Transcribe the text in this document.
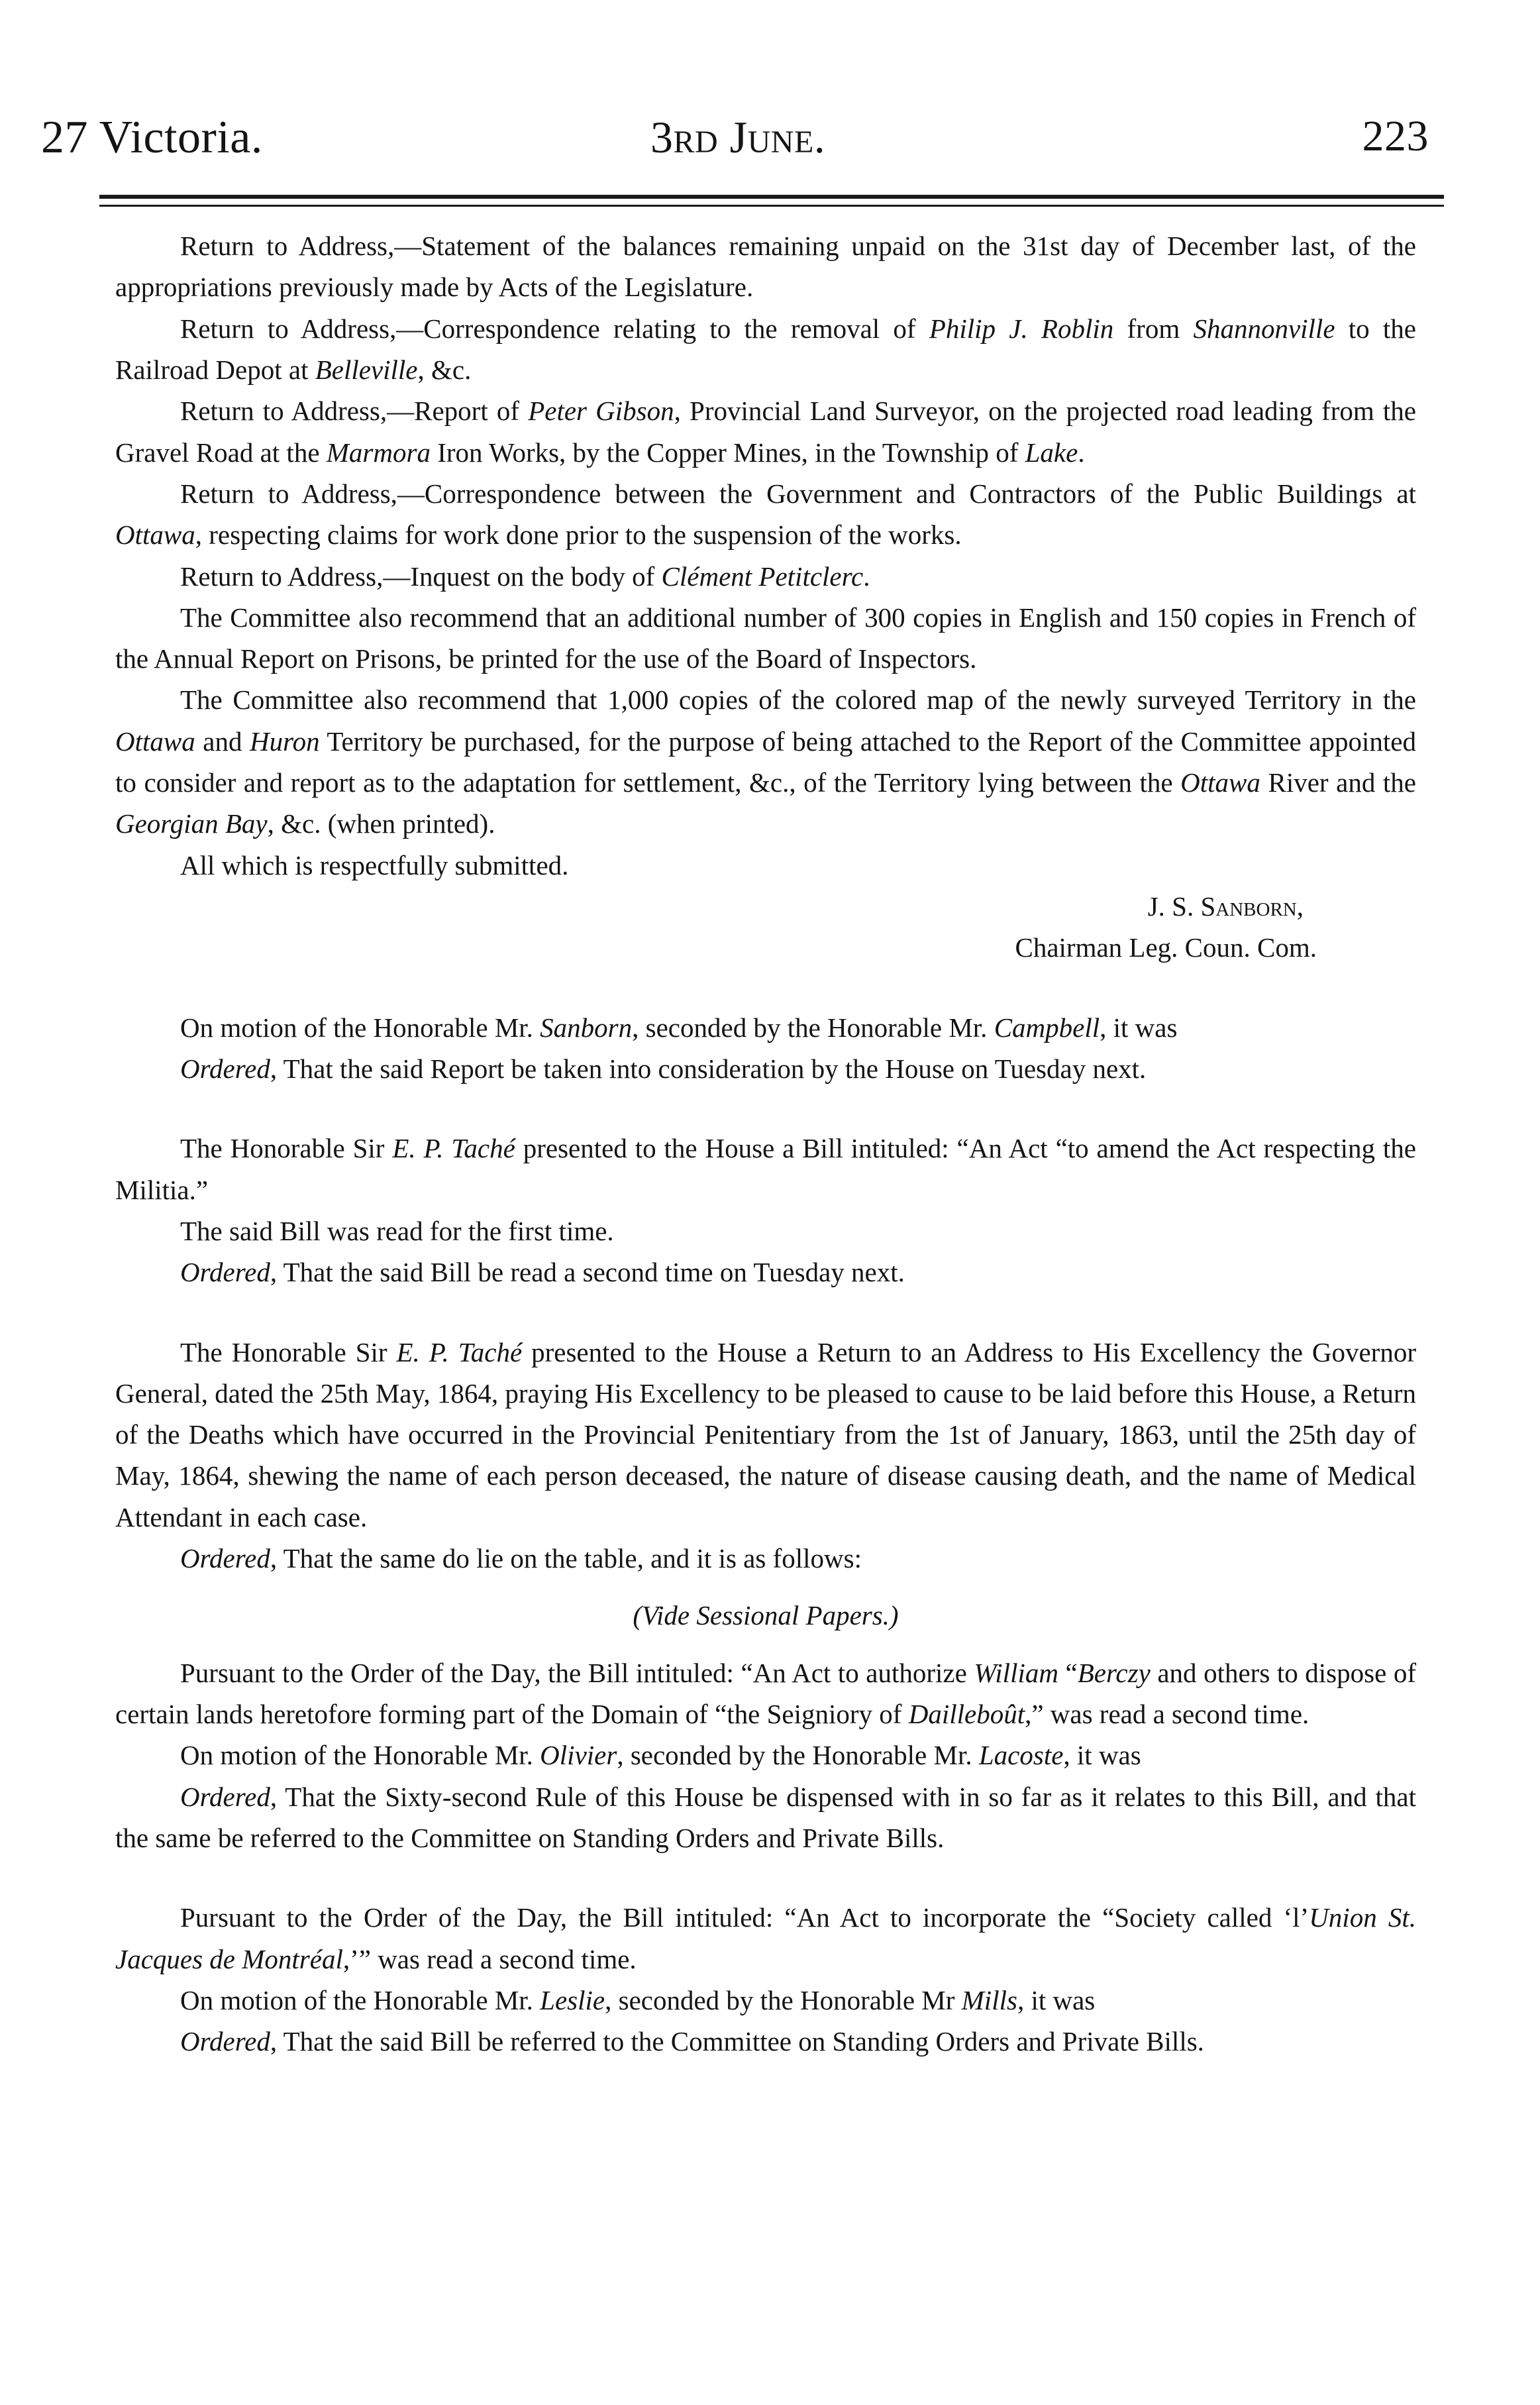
27 Victoria.	3rd June.	223

Return to Address,—Statement of the balances remaining unpaid on the 31st day of December last, of the appropriations previously made by Acts of the Legislature.

Return to Address,—Correspondence relating to the removal of Philip J. Roblin from Shannonville to the Railroad Depot at Belleville, &c.

Return to Address,—Report of Peter Gibson, Provincial Land Surveyor, on the projected road leading from the Gravel Road at the Marmora Iron Works, by the Copper Mines, in the Township of Lake.

Return to Address,—Correspondence between the Government and Contractors of the Public Buildings at Ottawa, respecting claims for work done prior to the suspension of the works.

Return to Address,—Inquest on the body of Clément Petitclerc.

The Committee also recommend that an additional number of 300 copies in English and 150 copies in French of the Annual Report on Prisons, be printed for the use of the Board of Inspectors.

The Committee also recommend that 1,000 copies of the colored map of the newly surveyed Territory in the Ottawa and Huron Territory be purchased, for the purpose of being attached to the Report of the Committee appointed to consider and report as to the adaptation for settlement, &c., of the Territory lying between the Ottawa River and the Georgian Bay, &c. (when printed).

All which is respectfully submitted.

J. S. Sanborn,

Chairman Leg. Coun. Com.

On motion of the Honorable Mr. Sanborn, seconded by the Honorable Mr. Campbell, it was

Ordered, That the said Report be taken into consideration by the House on Tuesday next.

The Honorable Sir E. P. Taché presented to the House a Bill intituled: “An Act “to amend the Act respecting the Militia.”

The said Bill was read for the first time.

Ordered, That the said Bill be read a second time on Tuesday next.

The Honorable Sir E. P. Taché presented to the House a Return to an Address to His Excellency the Governor General, dated the 25th May, 1864, praying His Excellency to be pleased to cause to be laid before this House, a Return of the Deaths which have occurred in the Provincial Penitentiary from the 1st of January, 1863, until the 25th day of May, 1864, shewing the name of each person deceased, the nature of disease causing death, and the name of Medical Attendant in each case.

Ordered, That the same do lie on the table, and it is as follows:

(Vide Sessional Papers.)

Pursuant to the Order of the Day, the Bill intituled: “An Act to authorize William “Berczy and others to dispose of certain lands heretofore forming part of the Domain of “the Seigniory of Dailleboût,” was read a second time.

On motion of the Honorable Mr. Olivier, seconded by the Honorable Mr. Lacoste, it was

Ordered, That the Sixty-second Rule of this House be dispensed with in so far as it relates to this Bill, and that the same be referred to the Committee on Standing Orders and Private Bills.

Pursuant to the Order of the Day, the Bill intituled: “An Act to incorporate the “Society called ‘l’Union St. Jacques de Montréal,’” was read a second time.

On motion of the Honorable Mr. Leslie, seconded by the Honorable Mr Mills, it was

Ordered, That the said Bill be referred to the Committee on Standing Orders and Private Bills.
